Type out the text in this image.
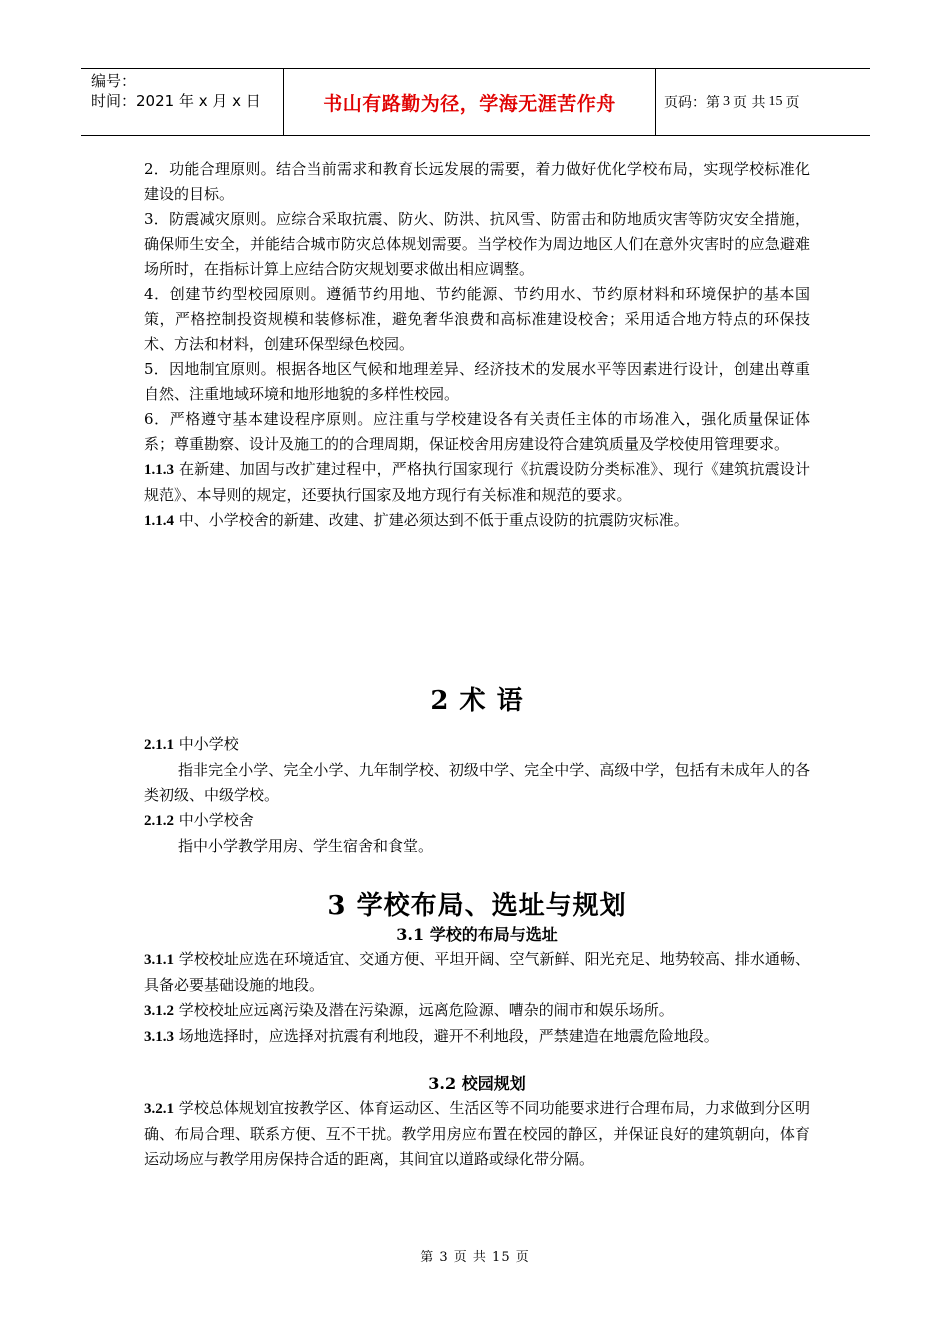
编号：
时间：2021 年 x 月 x 日	书山有路勤为径，学海无涯苦作舟	页码：第 3 页 共 15 页

2．功能合理原则。结合当前需求和教育长远发展的需要，着力做好优化学校布局，实现学校标准化建设的目标。

3．防震减灾原则。应综合采取抗震、防火、防洪、抗风雪、防雷击和防地质灾害等防灾安全措施，确保师生安全，并能结合城市防灾总体规划需要。当学校作为周边地区人们在意外灾害时的应急避难场所时，在指标计算上应结合防灾规划要求做出相应调整。

4．创建节约型校园原则。遵循节约用地、节约能源、节约用水、节约原材料和环境保护的基本国策，严格控制投资规模和装修标准，避免奢华浪费和高标准建设校舍；采用适合地方特点的环保技术、方法和材料，创建环保型绿色校园。

5．因地制宜原则。根据各地区气候和地理差异、经济技术的发展水平等因素进行设计，创建出尊重自然、注重地域环境和地形地貌的多样性校园。

6．严格遵守基本建设程序原则。应注重与学校建设各有关责任主体的市场准入，强化质量保证体系；尊重勘察、设计及施工的的合理周期，保证校舍用房建设符合建筑质量及学校使用管理要求。

1.1.3 在新建、加固与改扩建过程中，严格执行国家现行《抗震设防分类标准》、现行《建筑抗震设计规范》、本导则的规定，还要执行国家及地方现行有关标准和规范的要求。

1.1.4 中、小学校舍的新建、改建、扩建必须达到不低于重点设防的抗震防灾标准。

2 术 语

2.1.1 中小学校

指非完全小学、完全小学、九年制学校、初级中学、完全中学、高级中学，包括有未成年人的各类初级、中级学校。

2.1.2 中小学校舍

指中小学教学用房、学生宿舍和食堂。

3 学校布局、选址与规划
3.1 学校的布局与选址

3.1.1 学校校址应选在环境适宜、交通方便、平坦开阔、空气新鲜、阳光充足、地势较高、排水通畅、具备必要基础设施的地段。

3.1.2 学校校址应远离污染及潜在污染源，远离危险源、嘈杂的闹市和娱乐场所。

3.1.3 场地选择时，应选择对抗震有利地段，避开不利地段，严禁建造在地震危险地段。

3.2 校园规划

3.2.1 学校总体规划宜按教学区、体育运动区、生活区等不同功能要求进行合理布局，力求做到分区明确、布局合理、联系方便、互不干扰。教学用房应布置在校园的静区，并保证良好的建筑朝向，体育运动场应与教学用房保持合适的距离，其间宜以道路或绿化带分隔。

第 3 页 共 15 页
